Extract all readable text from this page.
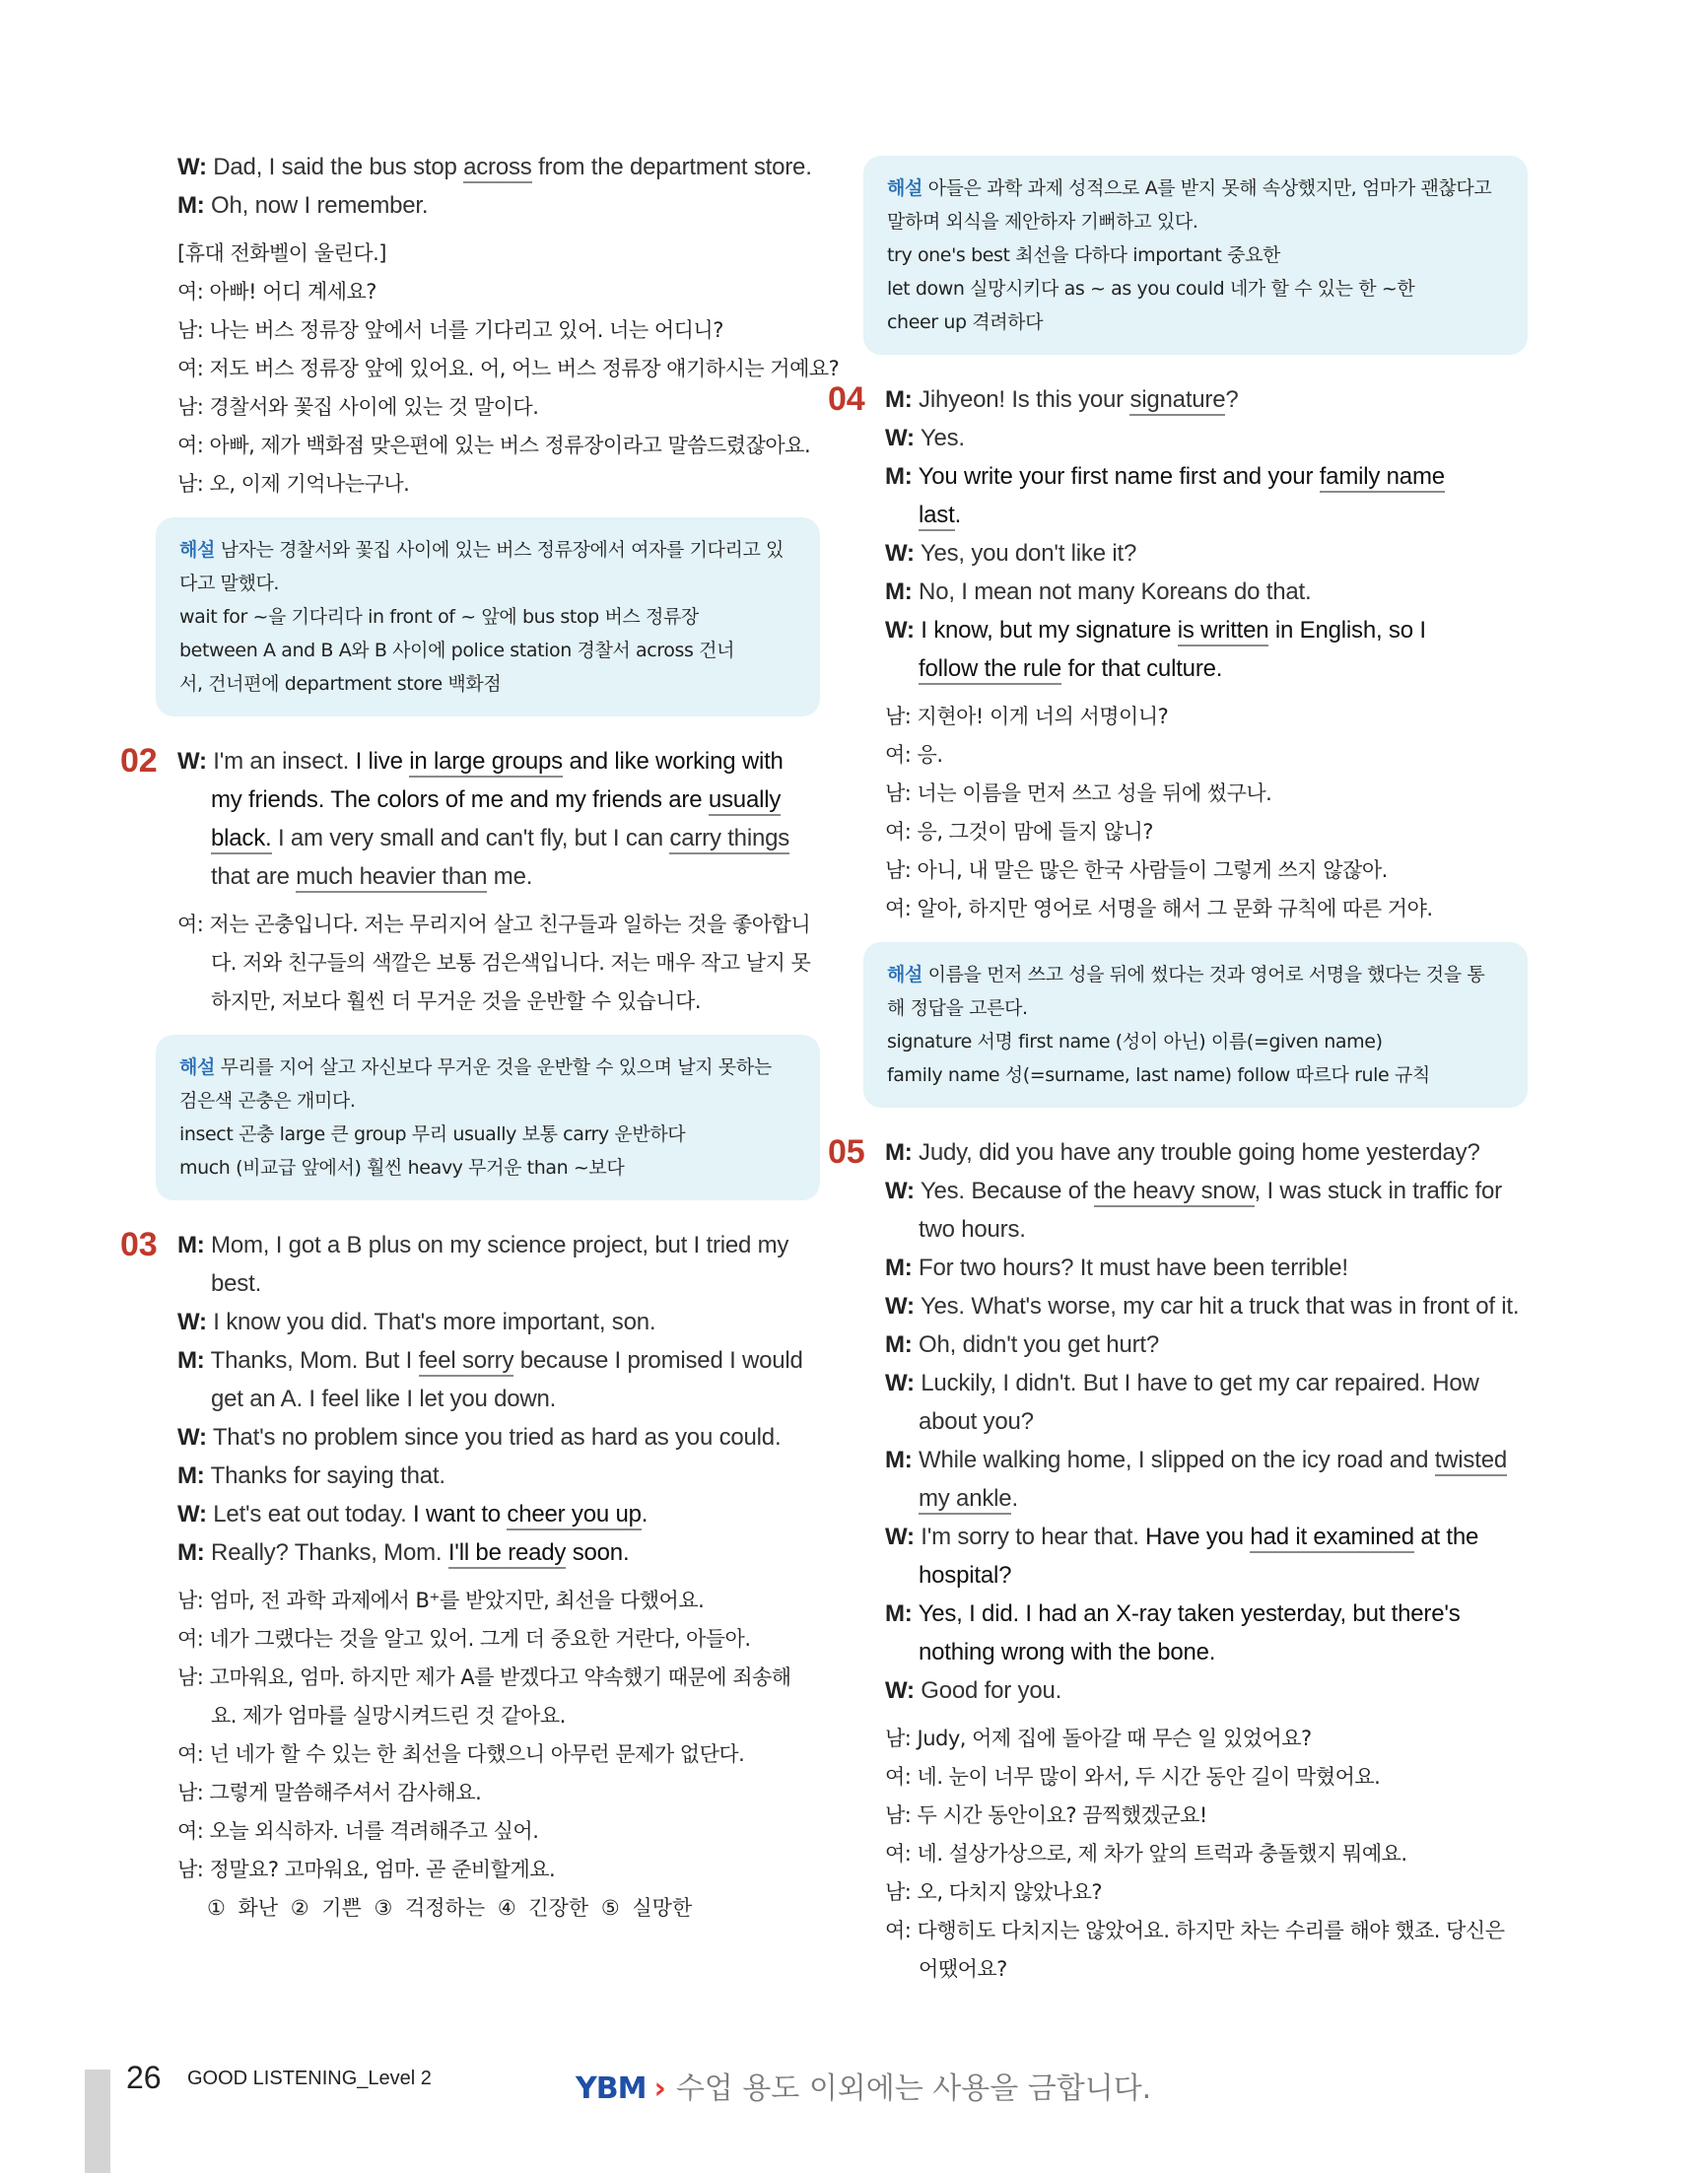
W: Dad, I said the bus stop across from the department store.
M: Oh, now I remember.
[휴대 전화벨이 울린다.]
여: 아빠! 어디 계세요?
남: 나는 버스 정류장 앞에서 너를 기다리고 있어. 너는 어디니?
여: 저도 버스 정류장 앞에 있어요. 어, 어느 버스 정류장 얘기하시는 거예요?
남: 경찰서와 꽃집 사이에 있는 것 말이다.
여: 아빠, 제가 백화점 맞은편에 있는 버스 정류장이라고 말씀드렸잖아요.
남: 오, 이제 기억나는구나.
해설 남자는 경찰서와 꽃집 사이에 있는 버스 정류장에서 여자를 기다리고 있
다고 말했다.
wait for ~을 기다리다 in front of ~ 앞에 bus stop 버스 정류장
between A and B A와 B 사이에 police station 경찰서 across 건너
서, 건너편에 department store 백화점
02 W: I'm an insect. I live in large groups and like working with
my friends. The colors of me and my friends are usually
black. I am very small and can't fly, but I can carry things
that are much heavier than me.
여: 저는 곤충입니다. 저는 무리지어 살고 친구들과 일하는 것을 좋아합니
다. 저와 친구들의 색깔은 보통 검은색입니다. 저는 매우 작고 날지 못
하지만, 저보다 훨씬 더 무거운 것을 운반할 수 있습니다.
해설 무리를 지어 살고 자신보다 무거운 것을 운반할 수 있으며 날지 못하는
검은색 곤충은 개미다.
insect 곤충 large 큰 group 무리 usually 보통 carry 운반하다
much (비교급 앞에서) 훨씬 heavy 무거운 than ~보다
03 M: Mom, I got a B plus on my science project, but I tried my
best.
W: I know you did. That's more important, son.
M: Thanks, Mom. But I feel sorry because I promised I would
get an A. I feel like I let you down.
W: That's no problem since you tried as hard as you could.
M: Thanks for saying that.
W: Let's eat out today. I want to cheer you up.
M: Really? Thanks, Mom. I'll be ready soon.
남: 엄마, 전 과학 과제에서 B⁺를 받았지만, 최선을 다했어요.
여: 네가 그랬다는 것을 알고 있어. 그게 더 중요한 거란다, 아들아.
남: 고마워요, 엄마. 하지만 제가 A를 받겠다고 약속했기 때문에 죄송해
요. 제가 엄마를 실망시켜드린 것 같아요.
여: 넌 네가 할 수 있는 한 최선을 다했으니 아무런 문제가 없단다.
남: 그렇게 말씀해주셔서 감사해요.
여: 오늘 외식하자. 너를 격려해주고 싶어.
남: 정말요? 고마워요, 엄마. 곧 준비할게요.
① 화난 ② 기쁜 ③ 걱정하는 ④ 긴장한 ⑤ 실망한
해설 아들은 과학 과제 성적으로 A를 받지 못해 속상했지만, 엄마가 괜찮다고
말하며 외식을 제안하자 기뻐하고 있다.
try one's best 최선을 다하다 important 중요한
let down 실망시키다 as ~ as you could 네가 할 수 있는 한 ~한
cheer up 격려하다
04 M: Jihyeon! Is this your signature?
W: Yes.
M: You write your first name first and your family name
last.
W: Yes, you don't like it?
M: No, I mean not many Koreans do that.
W: I know, but my signature is written in English, so I
follow the rule for that culture.
남: 지현아! 이게 너의 서명이니?
여: 응.
남: 너는 이름을 먼저 쓰고 성을 뒤에 썼구나.
여: 응, 그것이 맘에 들지 않니?
남: 아니, 내 말은 많은 한국 사람들이 그렇게 쓰지 않잖아.
여: 알아, 하지만 영어로 서명을 해서 그 문화 규칙에 따른 거야.
해설 이름을 먼저 쓰고 성을 뒤에 썼다는 것과 영어로 서명을 했다는 것을 통
해 정답을 고른다.
signature 서명 first name (성이 아닌) 이름(=given name)
family name 성(=surname, last name) follow 따르다 rule 규칙
05 M: Judy, did you have any trouble going home yesterday?
W: Yes. Because of the heavy snow, I was stuck in traffic for
two hours.
M: For two hours? It must have been terrible!
W: Yes. What's worse, my car hit a truck that was in front of it.
M: Oh, didn't you get hurt?
W: Luckily, I didn't. But I have to get my car repaired. How
about you?
M: While walking home, I slipped on the icy road and twisted
my ankle.
W: I'm sorry to hear that. Have you had it examined at the
hospital?
M: Yes, I did. I had an X-ray taken yesterday, but there's
nothing wrong with the bone.
W: Good for you.
남: Judy, 어제 집에 돌아갈 때 무슨 일 있었어요?
여: 네. 눈이 너무 많이 와서, 두 시간 동안 길이 막혔어요.
남: 두 시간 동안이요? 끔찍했겠군요!
여: 네. 설상가상으로, 제 차가 앞의 트럭과 충돌했지 뭐예요.
남: 오, 다치지 않았나요?
여: 다행히도 다치지는 않았어요. 하지만 차는 수리를 해야 했죠. 당신은
어땠어요?
26 GOOD LISTENING_Level 2	YBM › 수업 용도 이외에는 사용을 금합니다.
